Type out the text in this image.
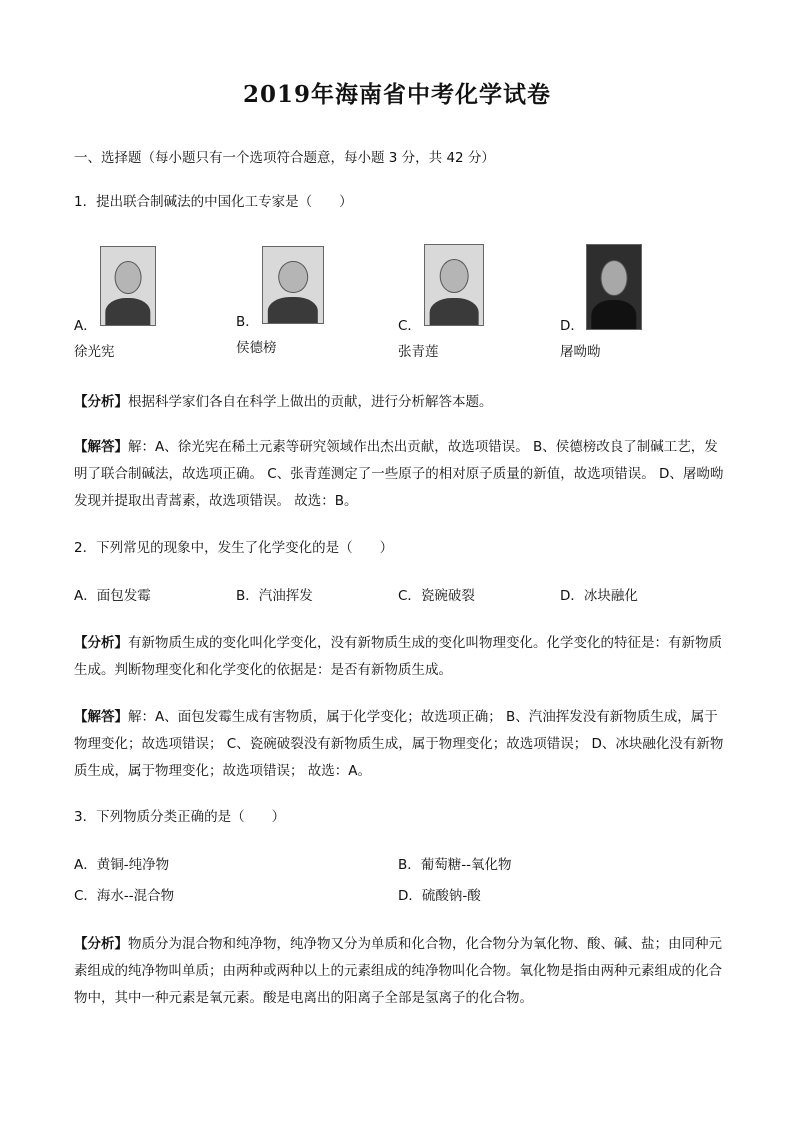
2019年海南省中考化学试卷
一、选择题（每小题只有一个选项符合题意，每小题 3 分，共 42 分）
1．提出联合制碱法的中国化工专家是（　　）
A．	B．	C．	D．
徐光宪	侯德榜	张青莲	屠呦呦
【分析】根据科学家们各自在科学上做出的贡献，进行分析解答本题。
【解答】解：A、徐光宪在稀土元素等研究领域作出杰出贡献，故选项错误。 B、侯德榜改良了制碱工艺，发明了联合制碱法，故选项正确。 C、张青莲测定了一些原子的相对原子质量的新值，故选项错误。 D、屠呦呦发现并提取出青蒿素，故选项错误。 故选：B。
2．下列常见的现象中，发生了化学变化的是（　　）
A．面包发霉	B．汽油挥发	C．瓷碗破裂	D．冰块融化
【分析】有新物质生成的变化叫化学变化，没有新物质生成的变化叫物理变化。化学变化的特征是：有新物质生成。判断物理变化和化学变化的依据是：是否有新物质生成。
【解答】解：A、面包发霉生成有害物质，属于化学变化；故选项正确； B、汽油挥发没有新物质生成，属于物理变化；故选项错误； C、瓷碗破裂没有新物质生成，属于物理变化；故选项错误； D、冰块融化没有新物质生成，属于物理变化；故选项错误； 故选：A。
3．下列物质分类正确的是（　　）
A．黄铜-纯净物	B．葡萄糖--氧化物
C．海水--混合物	D．硫酸钠-酸
【分析】物质分为混合物和纯净物，纯净物又分为单质和化合物，化合物分为氧化物、酸、碱、盐；由同种元素组成的纯净物叫单质；由两种或两种以上的元素组成的纯净物叫化合物。氧化物是指由两种元素组成的化合物中，其中一种元素是氧元素。酸是电离出的阳离子全部是氢离子的化合物。
